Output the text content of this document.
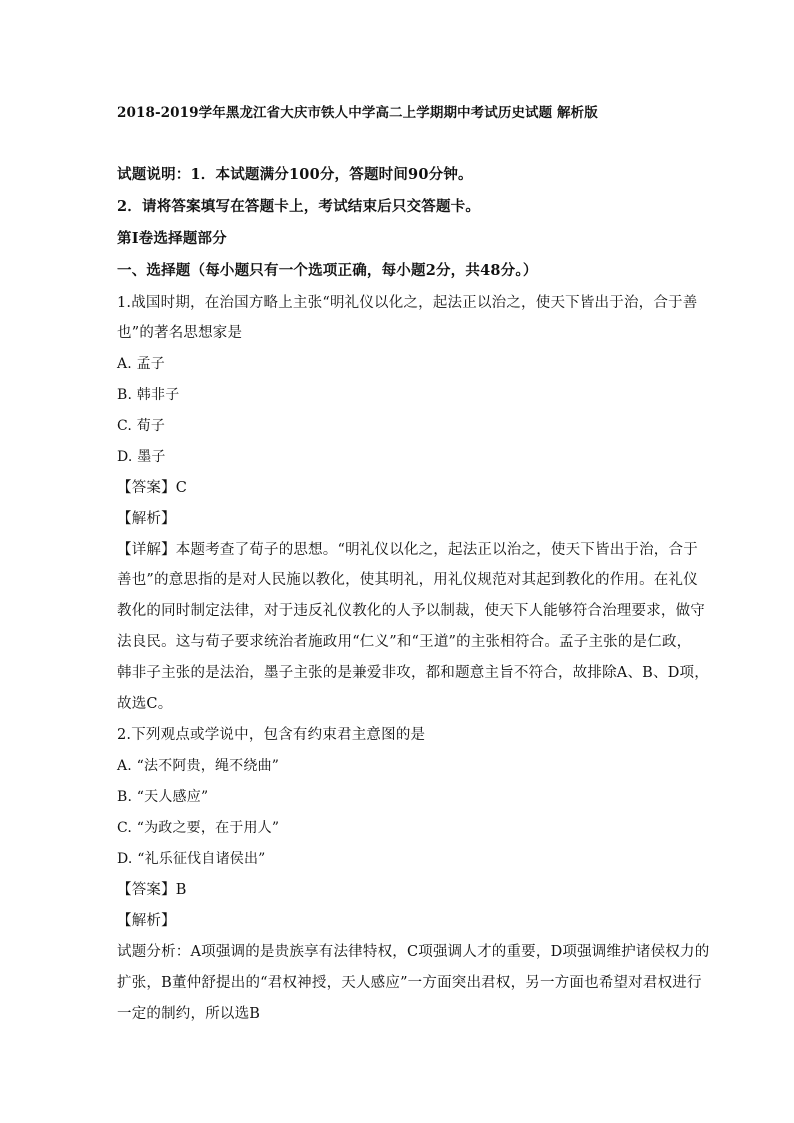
2018-2019学年黑龙江省大庆市铁人中学高二上学期期中考试历史试题 解析版
试题说明：1．本试题满分100分，答题时间90分钟。
2．请将答案填写在答题卡上，考试结束后只交答题卡。
第Ⅰ卷选择题部分
一、选择题（每小题只有一个选项正确，每小题2分，共48分。）
1.战国时期，在治国方略上主张“明礼仪以化之，起法正以治之，使天下皆出于治，合于善
也”的著名思想家是
A. 孟子
B. 韩非子
C. 荀子
D. 墨子
【答案】C
【解析】
【详解】本题考查了荀子的思想。“明礼仪以化之，起法正以治之，使天下皆出于治，合于
善也”的意思指的是对人民施以教化，使其明礼，用礼仪规范对其起到教化的作用。在礼仪
教化的同时制定法律，对于违反礼仪教化的人予以制裁，使天下人能够符合治理要求，做守
法良民。这与荀子要求统治者施政用“仁义”和“王道”的主张相符合。孟子主张的是仁政，
韩非子主张的是法治，墨子主张的是兼爱非攻，都和题意主旨不符合，故排除A、B、D项，
故选C。
2.下列观点或学说中，包含有约束君主意图的是
A. “法不阿贵，绳不绕曲”
B. “天人感应”
C. “为政之要，在于用人”
D. “礼乐征伐自诸侯出”
【答案】B
【解析】
试题分析：A项强调的是贵族享有法律特权，C项强调人才的重要，D项强调维护诸侯权力的
扩张，B董仲舒提出的“君权神授，天人感应”一方面突出君权，另一方面也希望对君权进行
一定的制约，所以选B
